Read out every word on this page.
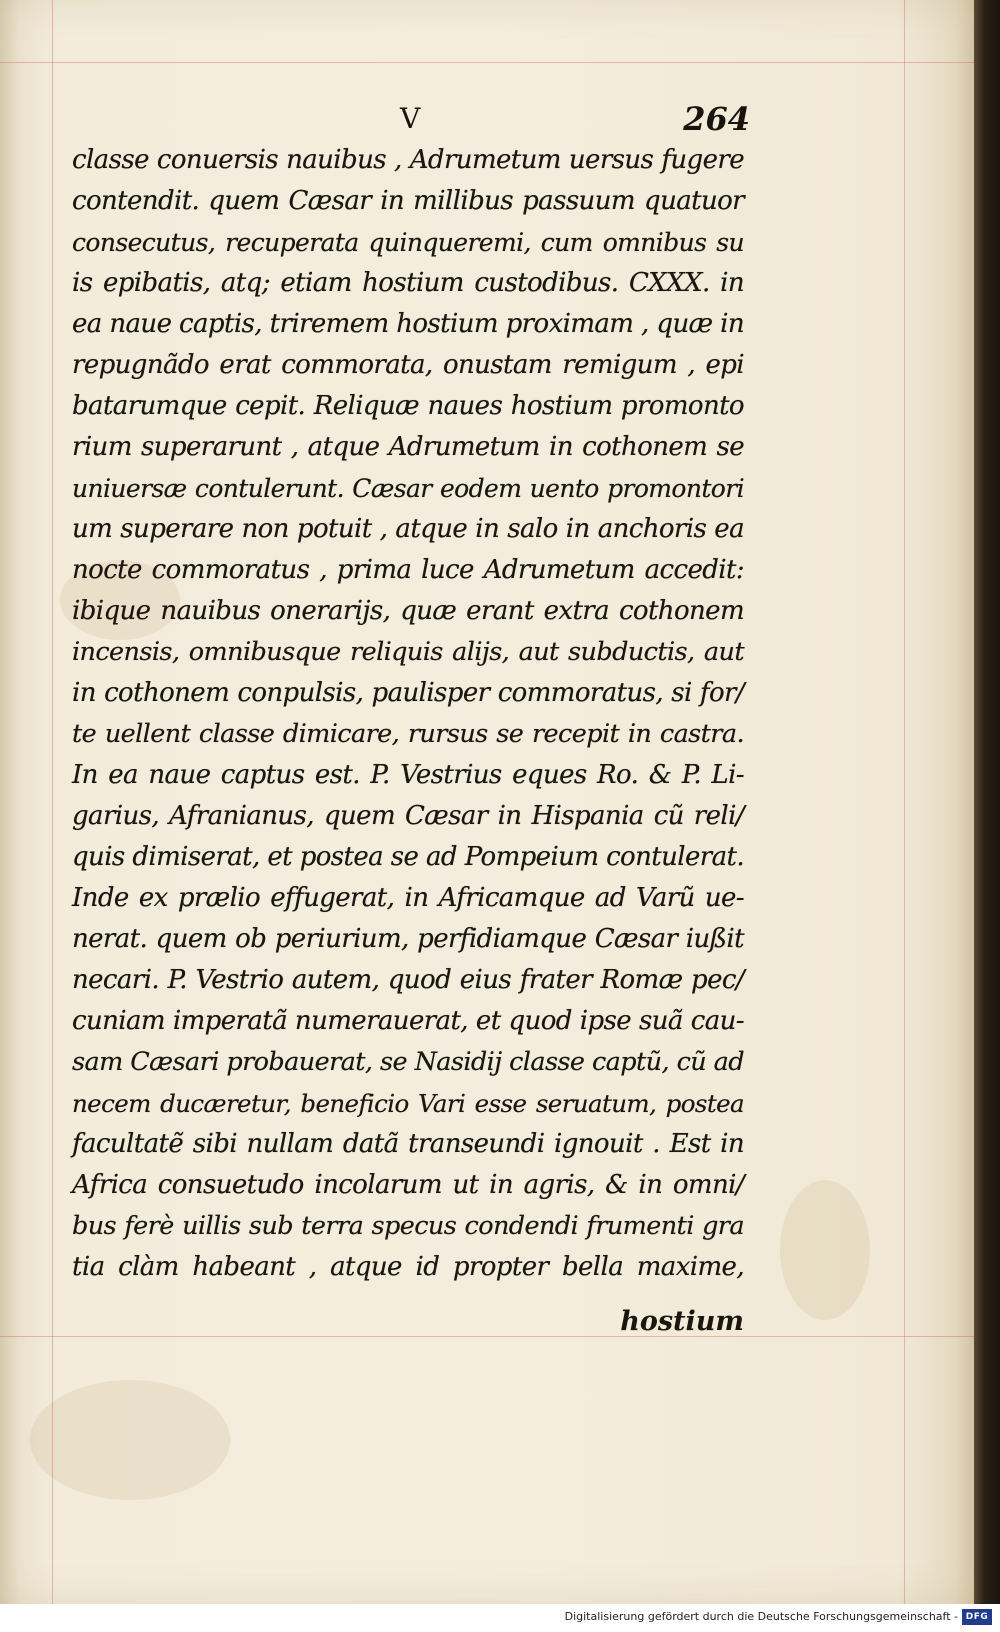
V	264
classe conuersis nauibus , Adrumetum uersus fugere
contendit. quem Cæsar in millibus passuum quatuor
consecutus, recuperata quinqueremi, cum omnibus su
is epibatis, atq; etiam hostium custodibus. CXXX. in
ea naue captis, triremem hostium proximam , quæ in
repugnãdo erat commorata, onustam remigum , epi
batarumque cepit. Reliquæ naues hostium promonto
rium superarunt , atque Adrumetum in cothonem se
uniuersæ contulerunt. Cæsar eodem uento promontori
um superare non potuit , atque in salo in anchoris ea
nocte commoratus , prima luce Adrumetum accedit:
ibique nauibus onerarijs, quæ erant extra cothonem
incensis, omnibusque reliquis alijs, aut subductis, aut
in cothonem conpulsis, paulisper commoratus, si for/
te uellent classe dimicare, rursus se recepit in castra.
In ea naue captus est. P. Vestrius eques Ro. & P. Li-
garius, Afranianus, quem Cæsar in Hispania cũ reli/
quis dimiserat, et postea se ad Pompeium contulerat.
Inde ex prælio effugerat, in Africamque ad Varũ ue-
nerat. quem ob periurium, perfidiamque Cæsar iußit
necari. P. Vestrio autem, quod eius frater Romæ pec/
cuniam imperatã numerauerat, et quod ipse suã cau-
sam Cæsari probauerat, se Nasidij classe captũ, cũ ad
necem ducæretur, beneficio Vari esse seruatum, postea
facultatẽ sibi nullam datã transeundi ignouit . Est in
Africa consuetudo incolarum ut in agris, & in omni/
bus ferè uillis sub terra specus condendi frumenti gra
tia clàm habeant , atque id propter bella maxime,
hostium
Digitalisierung gefördert durch die Deutsche Forschungsgemeinschaft - DFG
